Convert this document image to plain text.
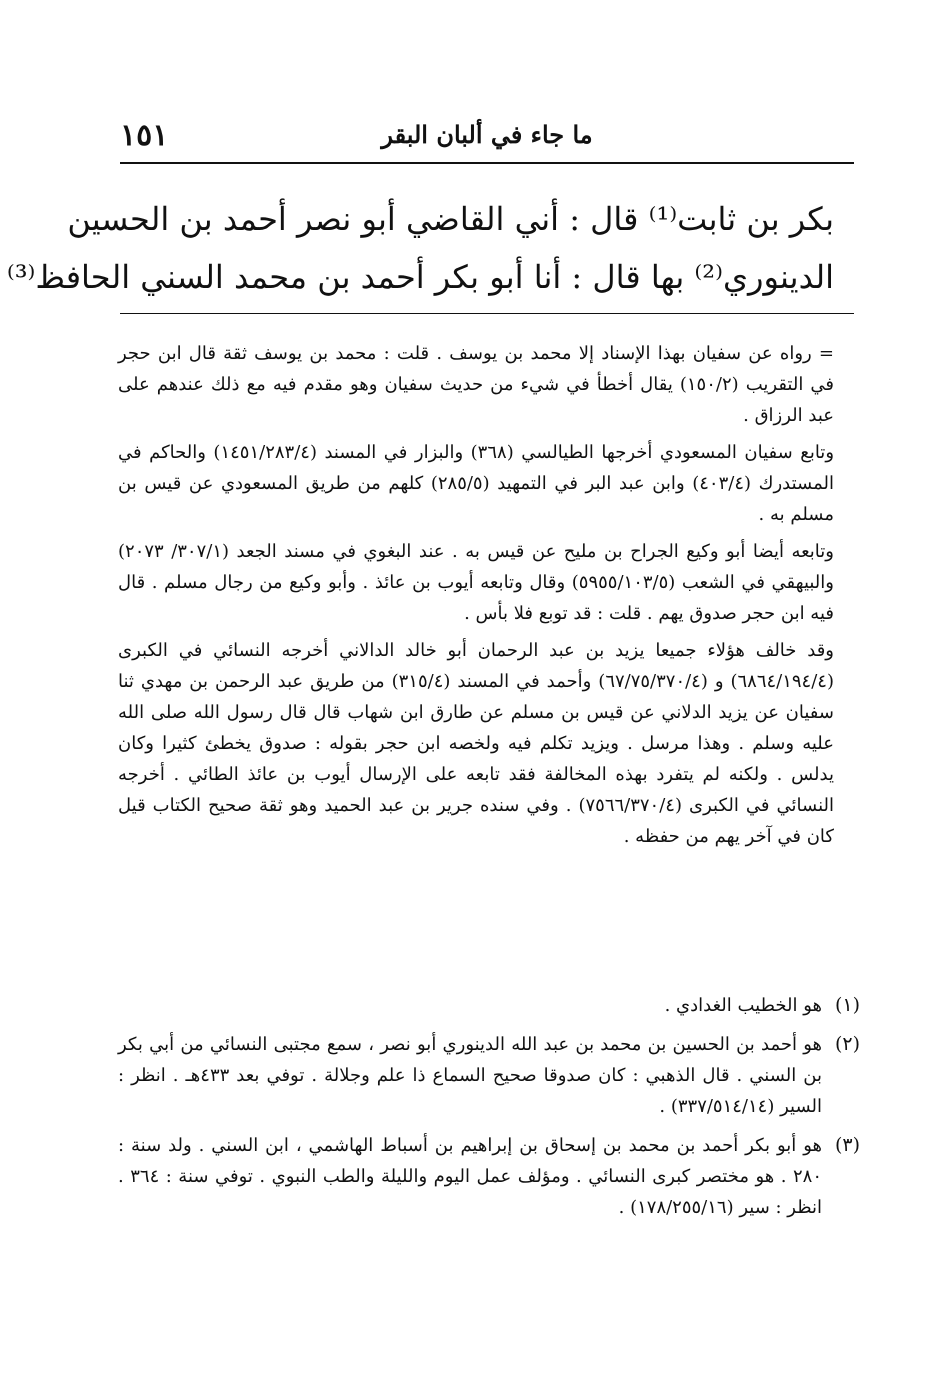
١٥١	ما جاء في ألبان البقر
بكر بن ثابت⁽¹⁾ قال : أني القاضي أبو نصر أحمد بن الحسين
الدينوري⁽²⁾ بها قال : أنا أبو بكر أحمد بن محمد السني الحافظ⁽³⁾

= رواه عن سفيان بهذا الإسناد إلا محمد بن يوسف . قلت : محمد بن يوسف ثقة قال ابن حجر في التقريب (١٥٠/٢) يقال أخطأ في شيء من حديث سفيان وهو مقدم فيه مع ذلك عندهم على عبد الرزاق .

وتابع سفيان المسعودي أخرجها الطيالسي (٣٦٨) والبزار في المسند (١٤٥١/٢٨٣/٤) والحاكم في المستدرك (٤٠٣/٤) وابن عبد البر في التمهيد (٢٨٥/٥) كلهم من طريق المسعودي عن قيس بن مسلم به .

وتابعه أيضا أبو وكيع الجراح بن مليح عن قيس به . عند البغوي في مسند الجعد (٣٠٧/١/ ٢٠٧٣) والبيهقي في الشعب (٥٩٥٥/١٠٣/٥) وقال وتابعه أيوب بن عائذ . وأبو وكيع من رجال مسلم . قال فيه ابن حجر صدوق يهم . قلت : قد توبع فلا بأس .

وقد خالف هؤلاء جميعا يزيد بن عبد الرحمان أبو خالد الدالاني أخرجه النسائي في الكبرى (٦٨٦٤/١٩٤/٤) و (٦٧/٧٥/٣٧٠/٤) وأحمد في المسند (٣١٥/٤) من طريق عبد الرحمن بن مهدي ثنا سفيان عن يزيد الدلاني عن قيس بن مسلم عن طارق ابن شهاب قال قال رسول الله صلى الله عليه وسلم . وهذا مرسل . ويزيد تكلم فيه ولخصه ابن حجر بقوله : صدوق يخطئ كثيرا وكان يدلس . ولكنه لم يتفرد بهذه المخالفة فقد تابعه على الإرسال أيوب بن عائذ الطائي . أخرجه النسائي في الكبرى (٧٥٦٦/٣٧٠/٤) . وفي سنده جرير بن عبد الحميد وهو ثقة صحيح الكتاب قيل كان في آخر يهم من حفظه .

(١)
هو الخطيب الغدادي .
(٢)
هو أحمد بن الحسين بن محمد بن عبد الله الدينوري أبو نصر ، سمع مجتبى النسائي من أبي بكر بن السني . قال الذهبي : كان صدوقا صحيح السماع ذا علم وجلالة . توفي بعد ٤٣٣هـ . انظر : السير (٣٣٧/٥١٤/١٤) .
(٣)
هو أبو بكر أحمد بن محمد بن إسحاق بن إبراهيم بن أسباط الهاشمي ، ابن السني . ولد سنة : ٢٨٠ . هو مختصر كبرى النسائي . ومؤلف عمل اليوم والليلة والطب النبوي . توفي سنة : ٣٦٤ . انظر : سير (١٧٨/٢٥٥/١٦) .
